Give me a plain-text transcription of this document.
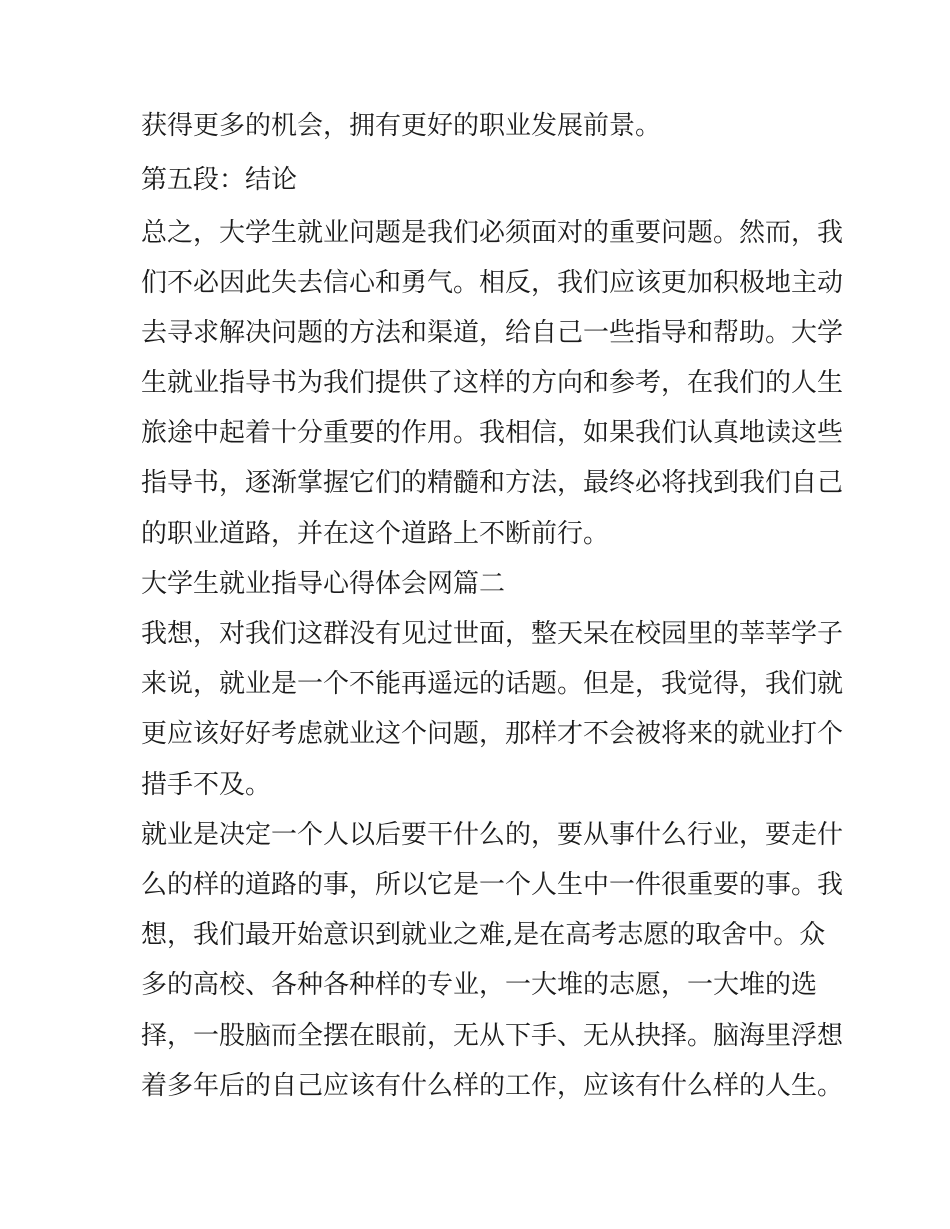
获得更多的机会，拥有更好的职业发展前景。
第五段：结论
总之，大学生就业问题是我们必须面对的重要问题。然而，我
们不必因此失去信心和勇气。相反，我们应该更加积极地主动
去寻求解决问题的方法和渠道，给自己一些指导和帮助。大学
生就业指导书为我们提供了这样的方向和参考，在我们的人生
旅途中起着十分重要的作用。我相信，如果我们认真地读这些
指导书，逐渐掌握它们的精髓和方法，最终必将找到我们自己
的职业道路，并在这个道路上不断前行。
大学生就业指导心得体会网篇二
我想，对我们这群没有见过世面，整天呆在校园里的莘莘学子
来说，就业是一个不能再遥远的话题。但是，我觉得，我们就
更应该好好考虑就业这个问题，那样才不会被将来的就业打个
措手不及。
就业是决定一个人以后要干什么的，要从事什么行业，要走什
么的样的道路的事，所以它是一个人生中一件很重要的事。我
想，我们最开始意识到就业之难,是在高考志愿的取舍中。众
多的高校、各种各种样的专业，一大堆的志愿，一大堆的选
择，一股脑而全摆在眼前，无从下手、无从抉择。脑海里浮想
着多年后的自己应该有什么样的工作，应该有什么样的人生。
